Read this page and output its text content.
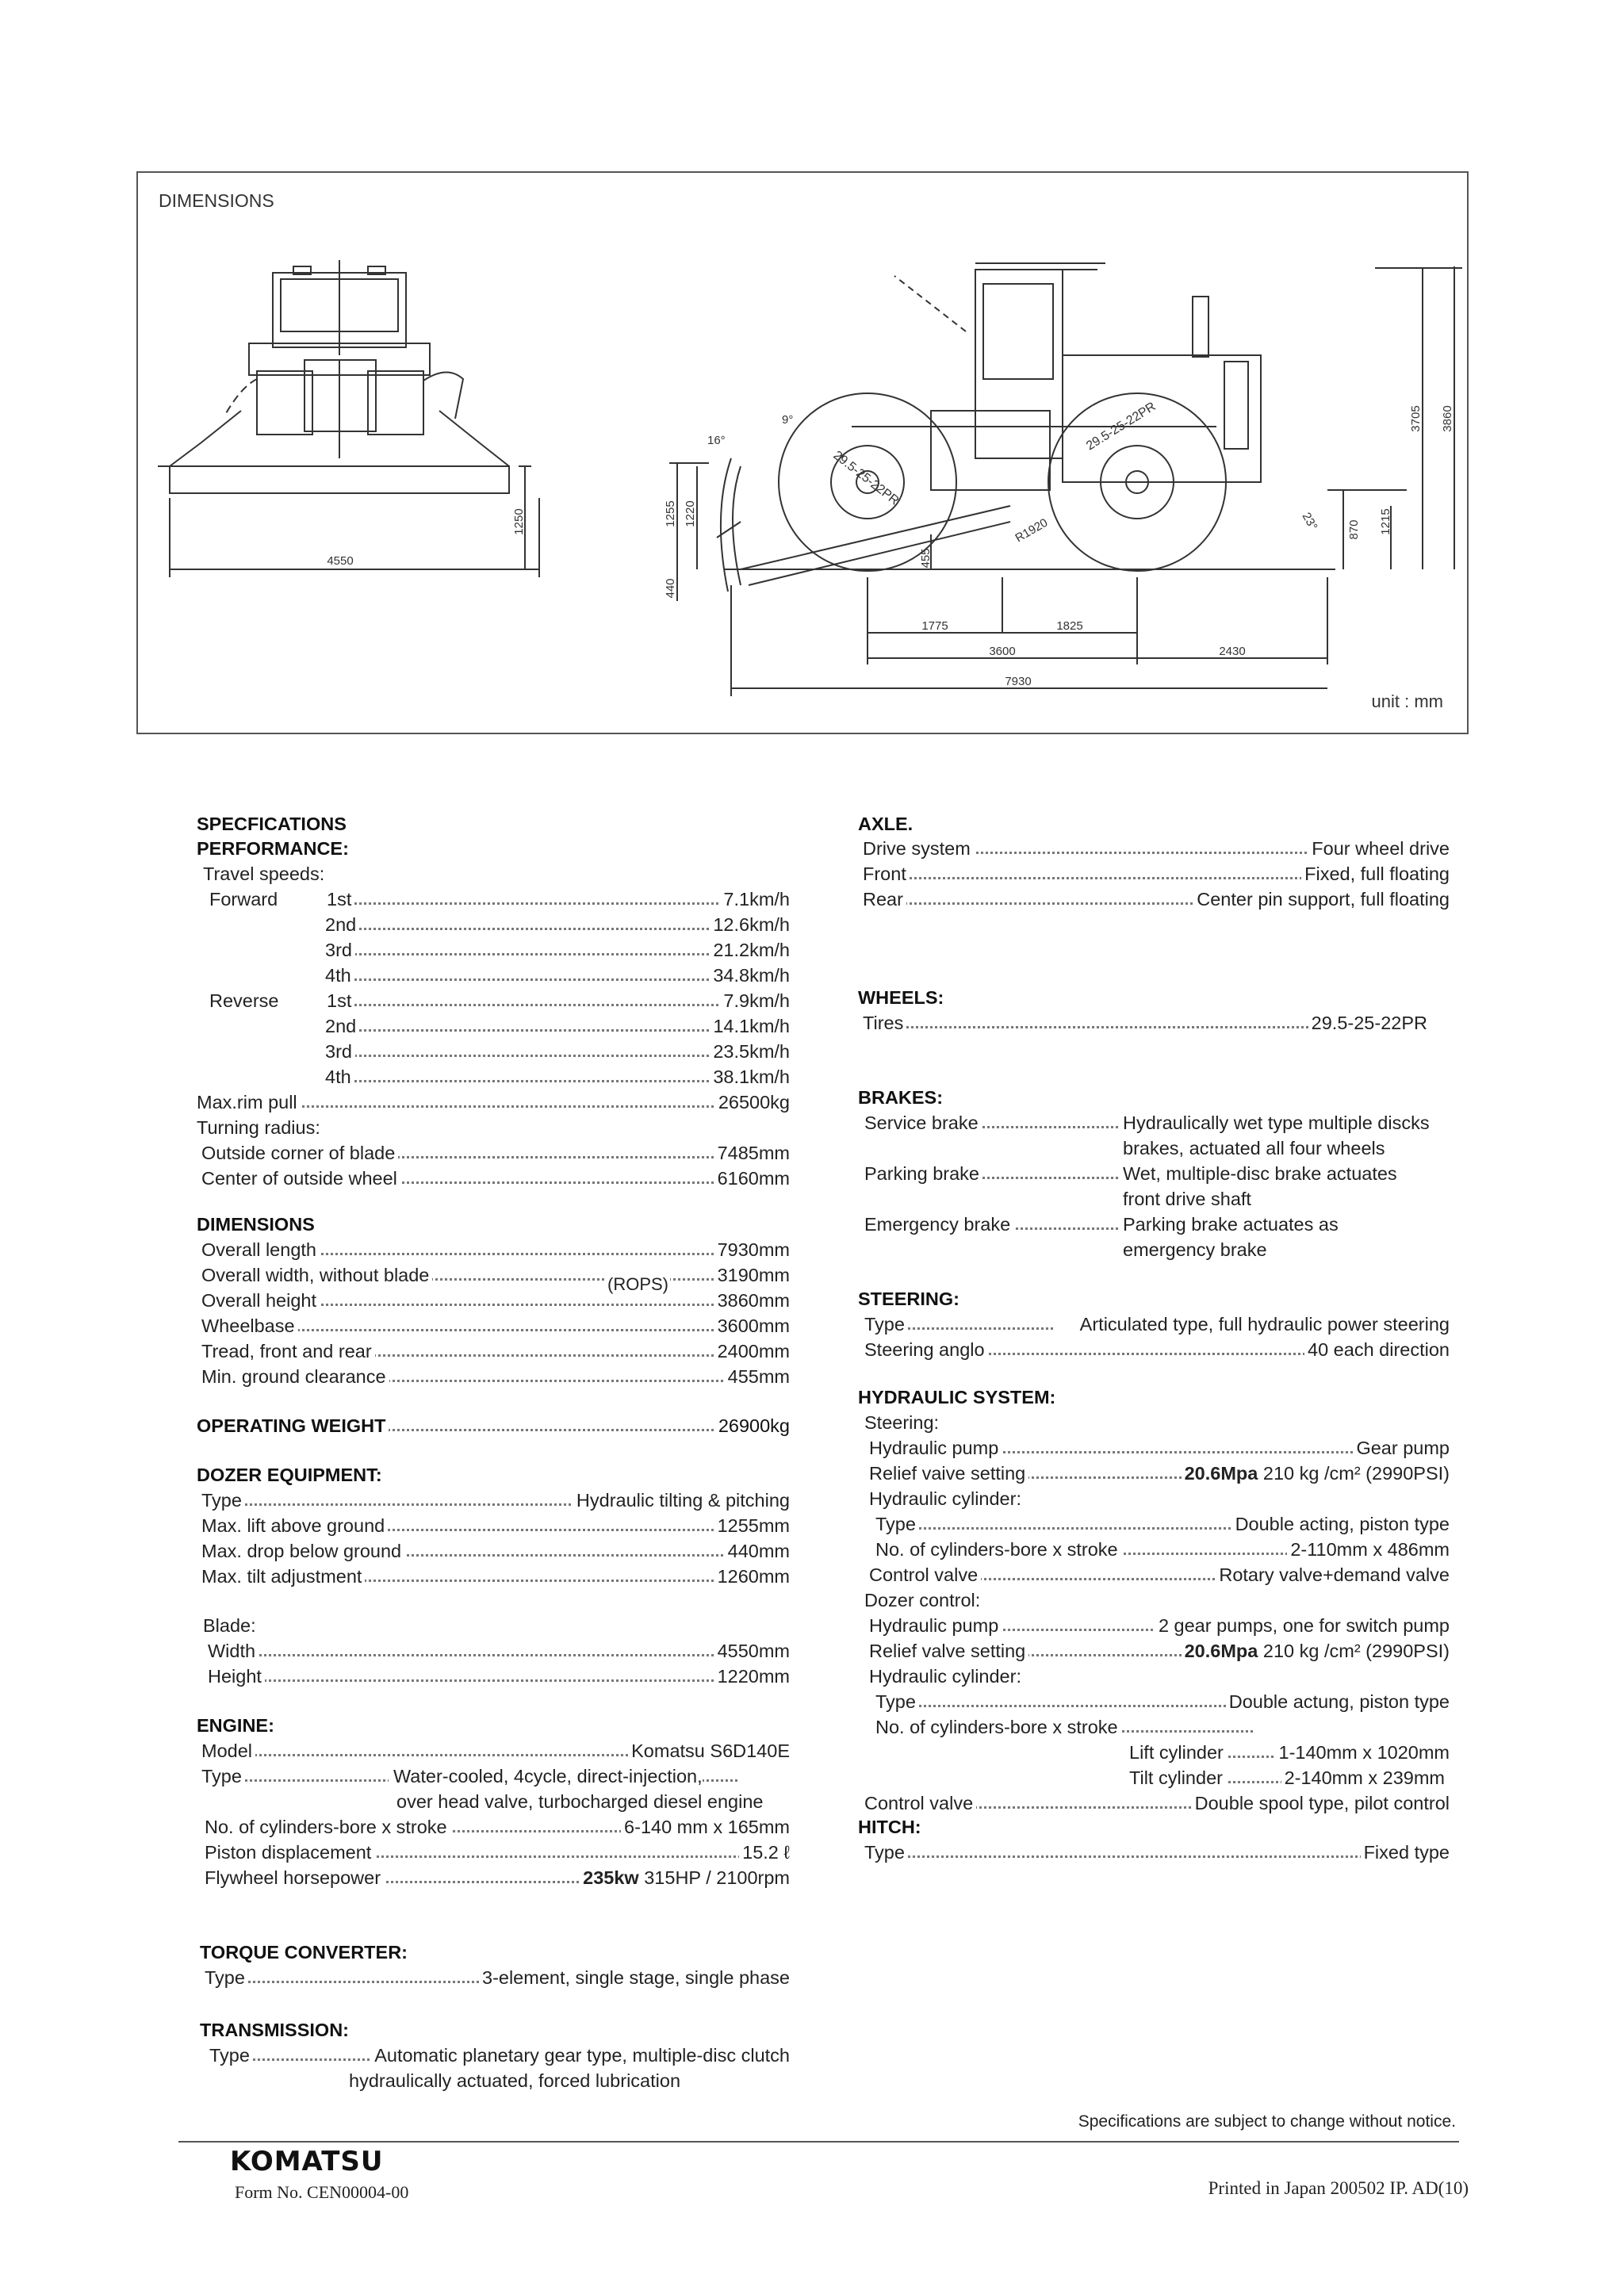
DIMENSIONS
4550
1250	1255 1220
440
16°
9°
29.5-25-22PR
29.5-25-22PR
455
R1920	870 1215
3705 3860
23°
1775	1825
3600	2430
7930
unit : mm
SPECFICATIONS
PERFORMANCE:
Travel speeds:
Forward	1st	7.1km/h
2nd	12.6km/h
3rd	21.2km/h
4th	34.8km/h
Reverse	1st	7.9km/h
2nd	14.1km/h
3rd	23.5km/h
4th	38.1km/h
Max.rim pull	26500kg
Turning radius:
Outside corner of blade	7485mm
Center of outside wheel	6160mm
DIMENSIONS
Overall length	7930mm
Overall width, without blade	3190mm
(ROPS)
Overall height	3860mm
Wheelbase	3600mm
Tread, front and rear	2400mm
Min. ground clearance	455mm
OPERATING WEIGHT	26900kg
DOZER EQUIPMENT:
Type	Hydraulic tilting & pitching
Max. lift above ground	1255mm
Max. drop below ground	440mm
Max. tilt adjustment	1260mm
Blade:
Width	4550mm
Height	1220mm
ENGINE:
Model	Komatsu S6D140E
Type	Water-cooled, 4cycle, direct-injection,
over head valve, turbocharged diesel engine
No. of cylinders-bore x stroke	6-140 mm x 165mm
Piston displacement	15.2 ℓ
Flywheel horsepower	235kw 315HP / 2100rpm
TORQUE CONVERTER:
Type	3-element, single stage, single phase
TRANSMISSION:
Type	Automatic planetary gear type, multiple-disc clutch
hydraulically actuated, forced lubrication
AXLE.
Drive system	Four wheel drive
Front	Fixed, full floating
Rear	Center pin support, full floating
WHEELS:
Tires	29.5-25-22PR
BRAKES:
Service brake	Hydraulically wet type multiple discks
brakes, actuated all four wheels
Parking brake	Wet, multiple-disc brake actuates
front drive shaft
Emergency brake	Parking brake actuates as
emergency brake
STEERING:
Type	Articulated type, full hydraulic power steering
Steering anglo	40 each direction
HYDRAULIC SYSTEM:
Steering:
Hydraulic pump	Gear pump
Relief vaive setting	20.6Mpa 210 kg /cm² (2990PSI)
Hydraulic cylinder:
Type	Double acting, piston type
No. of cylinders-bore x stroke	2-110mm x 486mm
Control valve	Rotary valve+demand valve
Dozer control:
Hydraulic pump	2 gear pumps, one for switch pump
Relief valve setting	20.6Mpa 210 kg /cm² (2990PSI)
Hydraulic cylinder:
Type	Double actung, piston type
No. of cylinders-bore x stroke
Lift cylinder	1-140mm x 1020mm
Tilt cylinder	2-140mm x 239mm
Control valve	Double spool type, pilot control
HITCH:
Type	Fixed type
Specifications are subject to change without notice.
KOMATSU
Form No. CEN00004-00	Printed in Japan 200502 IP. AD(10)
